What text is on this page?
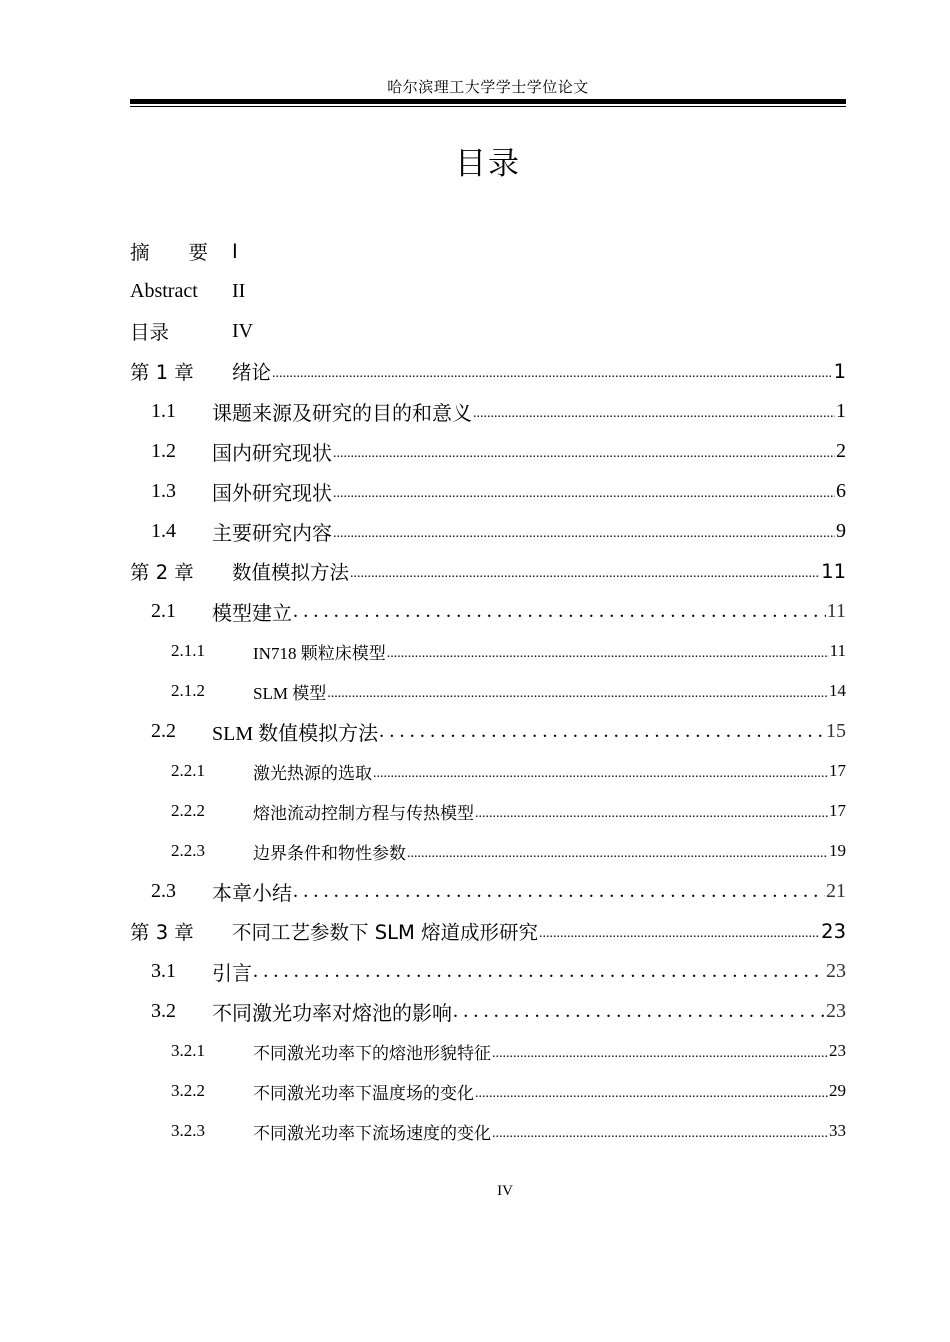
哈尔滨理工大学学士学位论文
目录
摘　　要	I
Abstract	II
目录	IV
第 1 章	绪论 .....	1
1.1	课题来源及研究的目的和意义 .....	1
1.2	国内研究现状 .....	2
1.3	国外研究现状 .....	6
1.4	主要研究内容 .....	9
第 2 章	数值模拟方法 .....	11
2.1	模型建立 .....	11
2.1.1	IN718 颗粒床模型 .....	11
2.1.2	SLM 模型 .....	14
2.2	SLM 数值模拟方法 .....	15
2.2.1	激光热源的选取 .....	17
2.2.2	熔池流动控制方程与传热模型 .....	17
2.2.3	边界条件和物性参数 .....	19
2.3	本章小结 .....	21
第 3 章	不同工艺参数下 SLM 熔道成形研究 .....	23
3.1	引言 .....	23
3.2	不同激光功率对熔池的影响 .....	23
3.2.1	不同激光功率下的熔池形貌特征 .....	23
3.2.2	不同激光功率下温度场的变化 .....	29
3.2.3	不同激光功率下流场速度的变化 .....	33
IV
